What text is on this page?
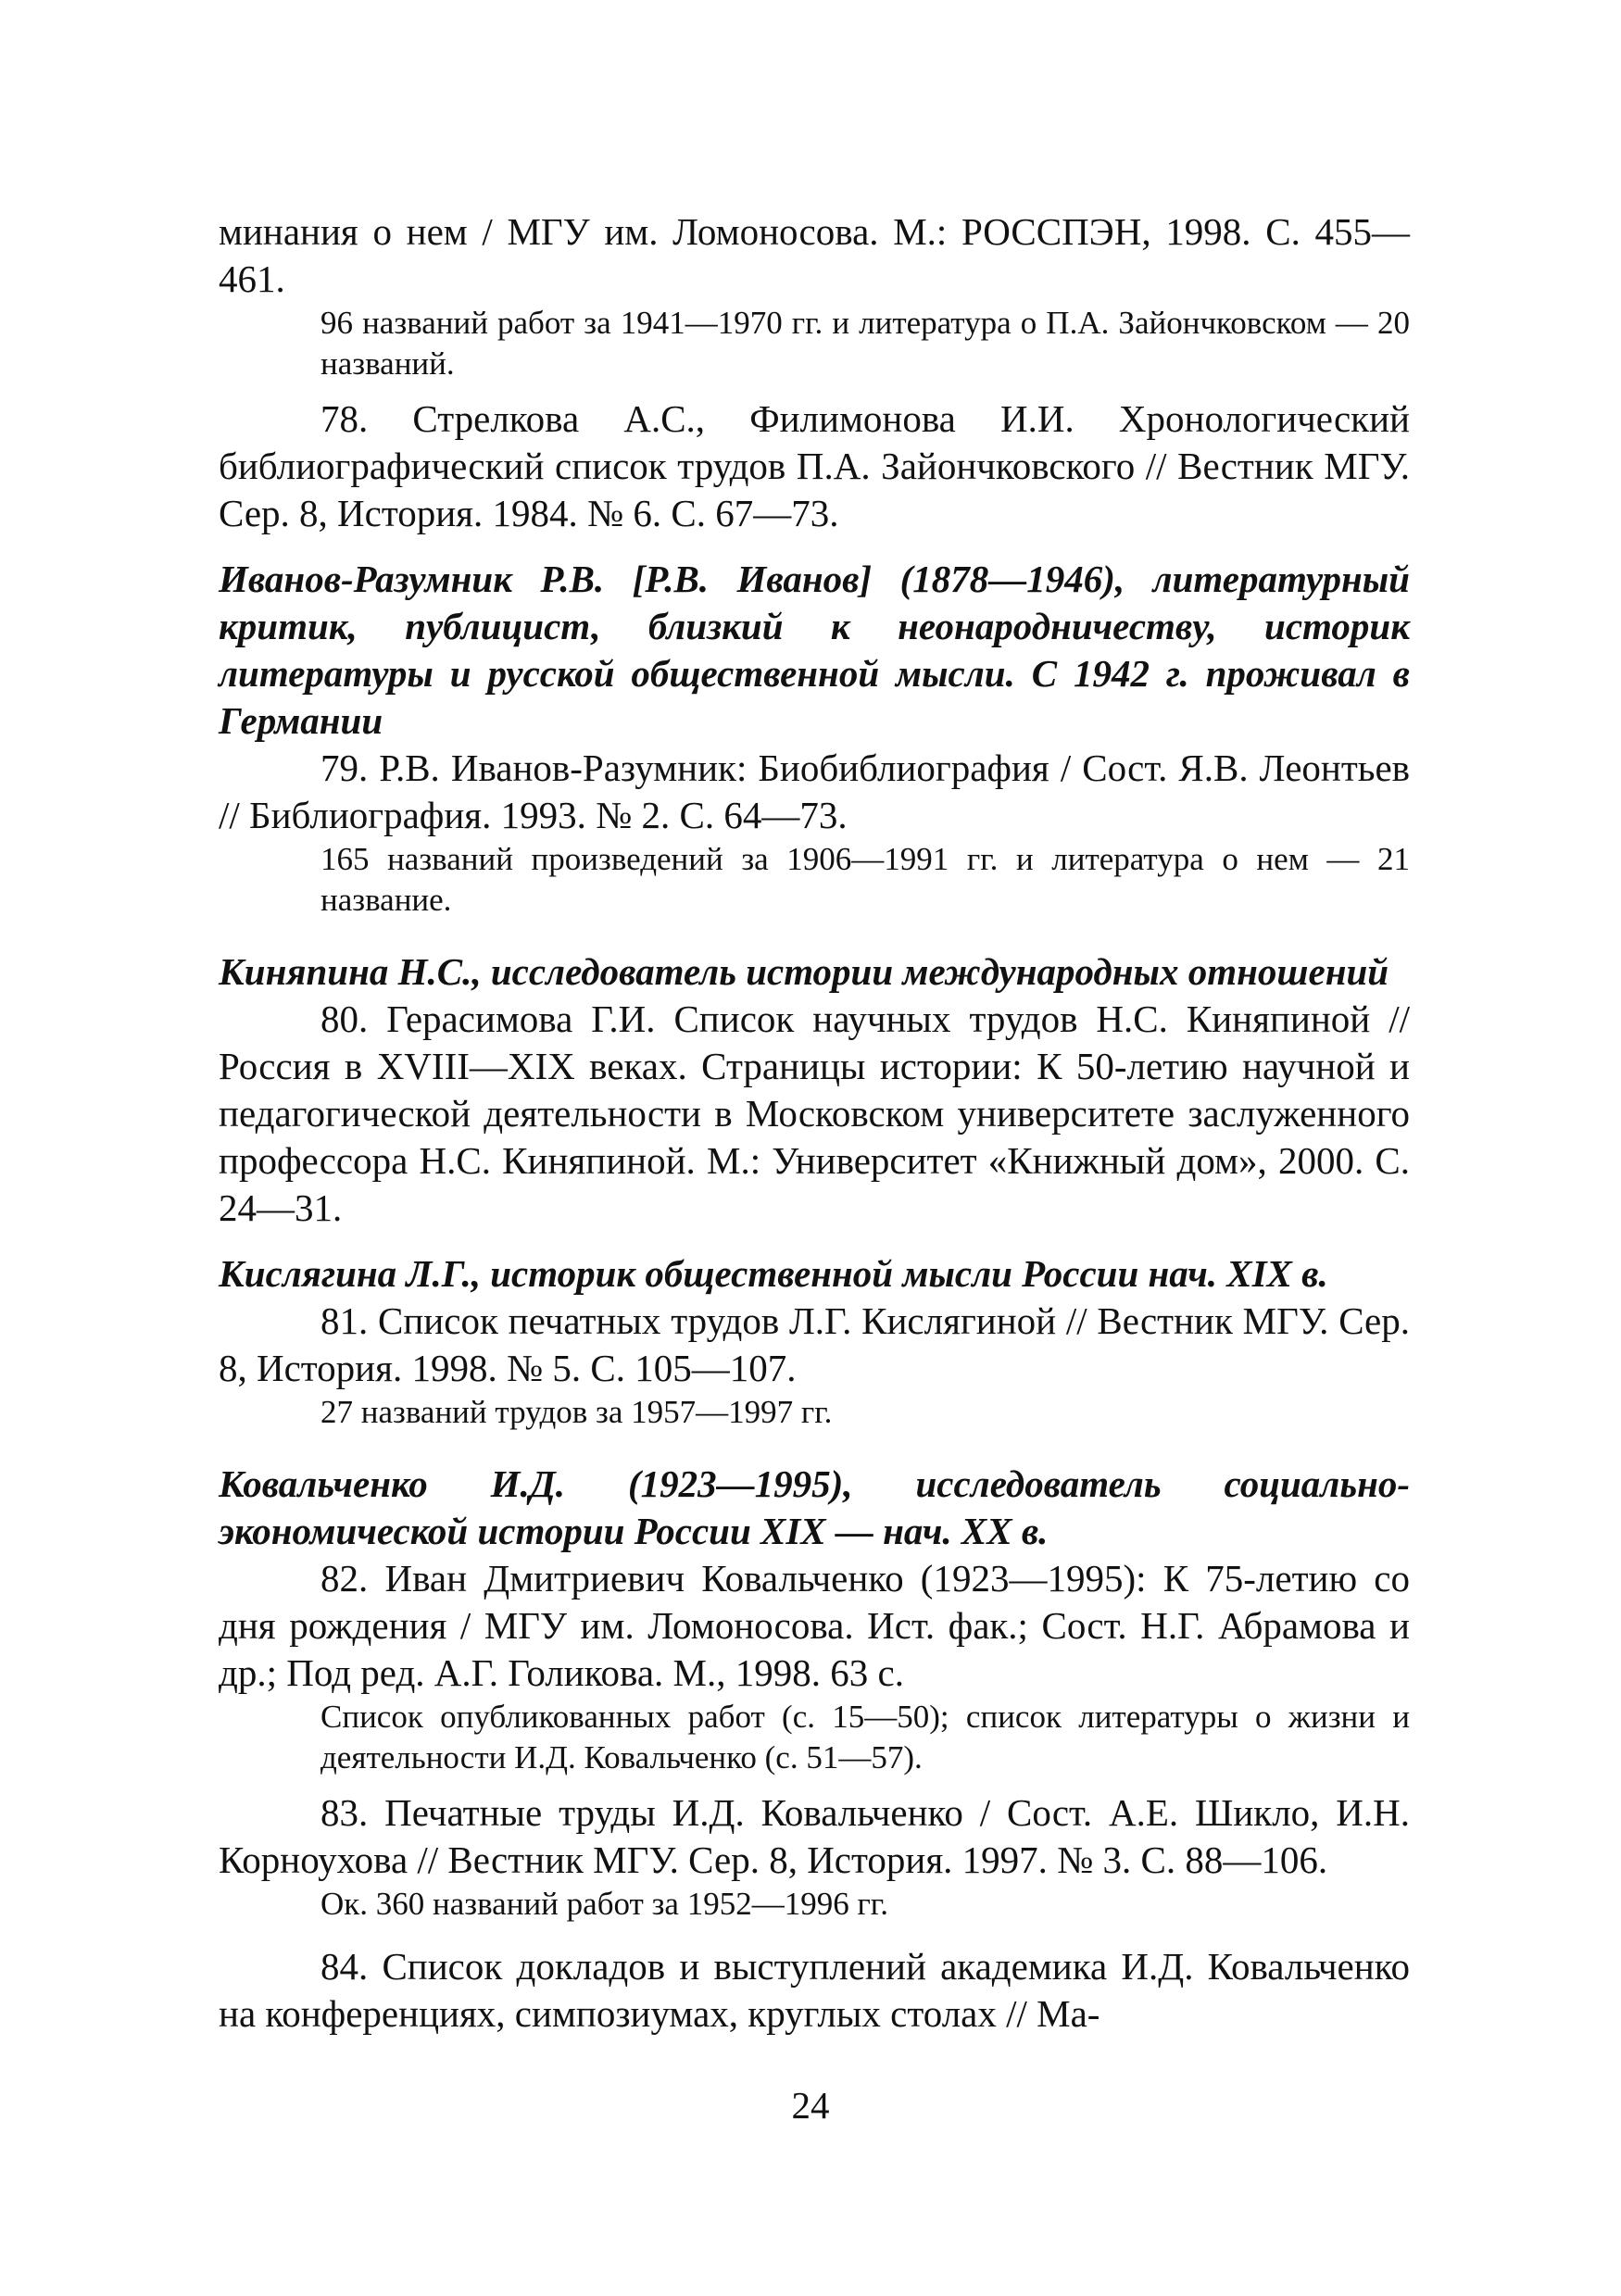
минания о нем / МГУ им. Ломоносова. М.: РОССПЭН, 1998. С. 455—461.

96 названий работ за 1941—1970 гг. и литература о П.А. Зайончковском — 20 названий.

78. Стрелкова А.С., Филимонова И.И. Хронологический библиографический список трудов П.А. Зайончковского // Вестник МГУ. Сер. 8, История. 1984. № 6. С. 67—73.

Иванов-Разумник Р.В. [Р.В. Иванов] (1878—1946), литературный критик, публицист, близкий к неонародничеству, историк литературы и русской общественной мысли. С 1942 г. проживал в Германии

79. Р.В. Иванов-Разумник: Биобиблиография / Сост. Я.В. Леонтьев // Библиография. 1993. № 2. С. 64—73.

165 названий произведений за 1906—1991 гг. и литература о нем — 21 название.

Киняпина Н.С., исследователь истории международных отношений

80. Герасимова Г.И. Список научных трудов Н.С. Киняпиной // Россия в XVIII—XIX веках. Страницы истории: К 50-летию научной и педагогической деятельности в Московском университете заслуженного профессора Н.С. Киняпиной. М.: Университет «Книжный дом», 2000. С. 24—31.

Кислягина Л.Г., историк общественной мысли России нач. XIX в.

81. Список печатных трудов Л.Г. Кислягиной // Вестник МГУ. Сер. 8, История. 1998. № 5. С. 105—107.

27 названий трудов за 1957—1997 гг.

Ковальченко И.Д. (1923—1995), исследователь социально-экономической истории России XIX — нач. XX в.

82. Иван Дмитриевич Ковальченко (1923—1995): К 75-летию со дня рождения / МГУ им. Ломоносова. Ист. фак.; Сост. Н.Г. Абрамова и др.; Под ред. А.Г. Голикова. М., 1998. 63 с.

Список опубликованных работ (с. 15—50); список литературы о жизни и деятельности И.Д. Ковальченко (с. 51—57).

83. Печатные труды И.Д. Ковальченко / Сост. А.Е. Шикло, И.Н. Корноухова // Вестник МГУ. Сер. 8, История. 1997. № 3. С. 88—106.

Ок. 360 названий работ за 1952—1996 гг.

84. Список докладов и выступлений академика И.Д. Ковальченко на конференциях, симпозиумах, круглых столах // Ма-

24
